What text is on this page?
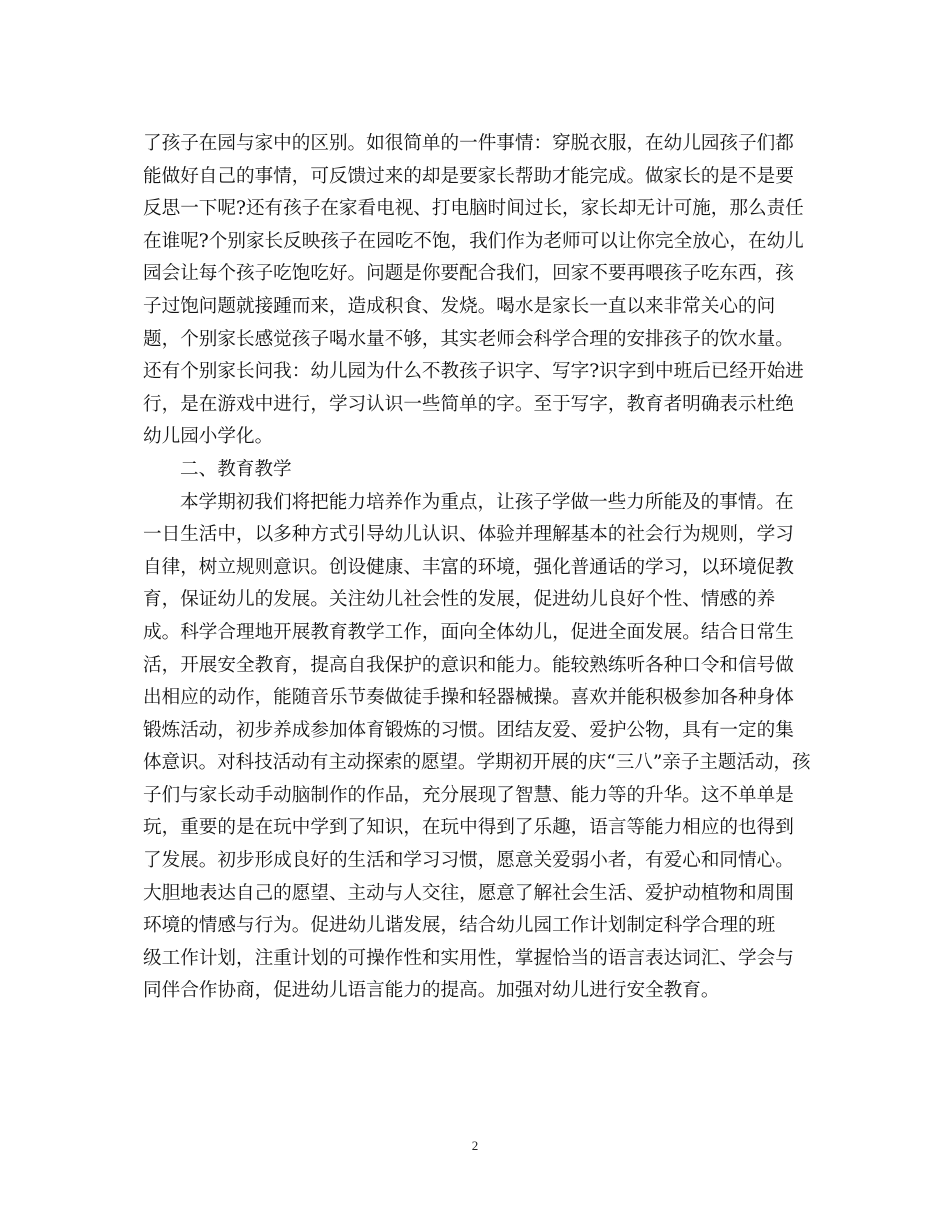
了孩子在园与家中的区别。如很简单的一件事情：穿脱衣服，在幼儿园孩子们都
能做好自己的事情，可反馈过来的却是要家长帮助才能完成。做家长的是不是要
反思一下呢?还有孩子在家看电视、打电脑时间过长，家长却无计可施，那么责任
在谁呢?个别家长反映孩子在园吃不饱，我们作为老师可以让你完全放心，在幼儿
园会让每个孩子吃饱吃好。问题是你要配合我们，回家不要再喂孩子吃东西，孩
子过饱问题就接踵而来，造成积食、发烧。喝水是家长一直以来非常关心的问
题，个别家长感觉孩子喝水量不够，其实老师会科学合理的安排孩子的饮水量。
还有个别家长问我：幼儿园为什么不教孩子识字、写字?识字到中班后已经开始进
行，是在游戏中进行，学习认识一些简单的字。至于写字，教育者明确表示杜绝
幼儿园小学化。
二、教育教学
本学期初我们将把能力培养作为重点，让孩子学做一些力所能及的事情。在
一日生活中，以多种方式引导幼儿认识、体验并理解基本的社会行为规则，学习
自律，树立规则意识。创设健康、丰富的环境，强化普通话的学习，以环境促教
育，保证幼儿的发展。关注幼儿社会性的发展，促进幼儿良好个性、情感的养
成。科学合理地开展教育教学工作，面向全体幼儿，促进全面发展。结合日常生
活，开展安全教育，提高自我保护的意识和能力。能较熟练听各种口令和信号做
出相应的动作，能随音乐节奏做徒手操和轻器械操。喜欢并能积极参加各种身体
锻炼活动，初步养成参加体育锻炼的习惯。团结友爱、爱护公物，具有一定的集
体意识。对科技活动有主动探索的愿望。学期初开展的庆“三八”亲子主题活动，孩
子们与家长动手动脑制作的作品，充分展现了智慧、能力等的升华。这不单单是
玩，重要的是在玩中学到了知识，在玩中得到了乐趣，语言等能力相应的也得到
了发展。初步形成良好的生活和学习习惯，愿意关爱弱小者，有爱心和同情心。
大胆地表达自己的愿望、主动与人交往，愿意了解社会生活、爱护动植物和周围
环境的情感与行为。促进幼儿谐发展，结合幼儿园工作计划制定科学合理的班
级工作计划，注重计划的可操作性和实用性，掌握恰当的语言表达词汇、学会与
同伴合作协商，促进幼儿语言能力的提高。加强对幼儿进行安全教育。
2
